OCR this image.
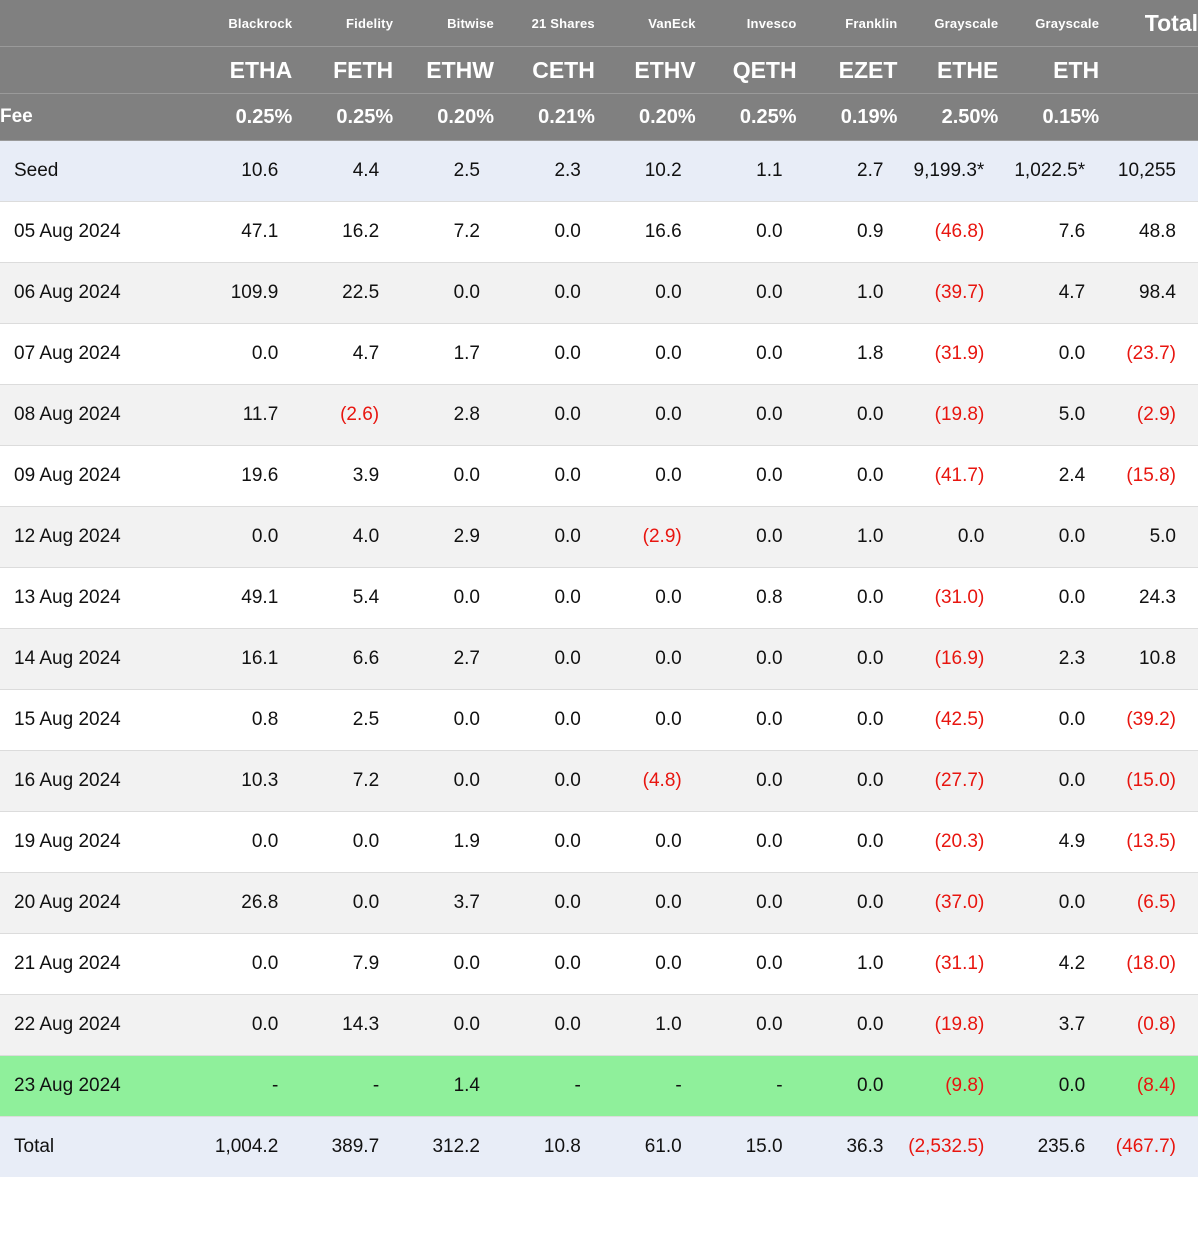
	Blackrock	Fidelity	Bitwise	21 Shares	VanEck	Invesco	Franklin	Grayscale	Grayscale	Total
	ETHA	FETH	ETHW	CETH	ETHV	QETH	EZET	ETHE	ETH	
Fee	0.25%	0.25%	0.20%	0.21%	0.20%	0.25%	0.19%	2.50%	0.15%	
Seed	10.6	4.4	2.5	2.3	10.2	1.1	2.7	9,199.3*	1,022.5*	10,255
05 Aug 2024	47.1	16.2	7.2	0.0	16.6	0.0	0.9	(46.8)	7.6	48.8
06 Aug 2024	109.9	22.5	0.0	0.0	0.0	0.0	1.0	(39.7)	4.7	98.4
07 Aug 2024	0.0	4.7	1.7	0.0	0.0	0.0	1.8	(31.9)	0.0	(23.7)
08 Aug 2024	11.7	(2.6)	2.8	0.0	0.0	0.0	0.0	(19.8)	5.0	(2.9)
09 Aug 2024	19.6	3.9	0.0	0.0	0.0	0.0	0.0	(41.7)	2.4	(15.8)
12 Aug 2024	0.0	4.0	2.9	0.0	(2.9)	0.0	1.0	0.0	0.0	5.0
13 Aug 2024	49.1	5.4	0.0	0.0	0.0	0.8	0.0	(31.0)	0.0	24.3
14 Aug 2024	16.1	6.6	2.7	0.0	0.0	0.0	0.0	(16.9)	2.3	10.8
15 Aug 2024	0.8	2.5	0.0	0.0	0.0	0.0	0.0	(42.5)	0.0	(39.2)
16 Aug 2024	10.3	7.2	0.0	0.0	(4.8)	0.0	0.0	(27.7)	0.0	(15.0)
19 Aug 2024	0.0	0.0	1.9	0.0	0.0	0.0	0.0	(20.3)	4.9	(13.5)
20 Aug 2024	26.8	0.0	3.7	0.0	0.0	0.0	0.0	(37.0)	0.0	(6.5)
21 Aug 2024	0.0	7.9	0.0	0.0	0.0	0.0	1.0	(31.1)	4.2	(18.0)
22 Aug 2024	0.0	14.3	0.0	0.0	1.0	0.0	0.0	(19.8)	3.7	(0.8)
23 Aug 2024	-	-	1.4	-	-	-	0.0	(9.8)	0.0	(8.4)
Total	1,004.2	389.7	312.2	10.8	61.0	15.0	36.3	(2,532.5)	235.6	(467.7)
